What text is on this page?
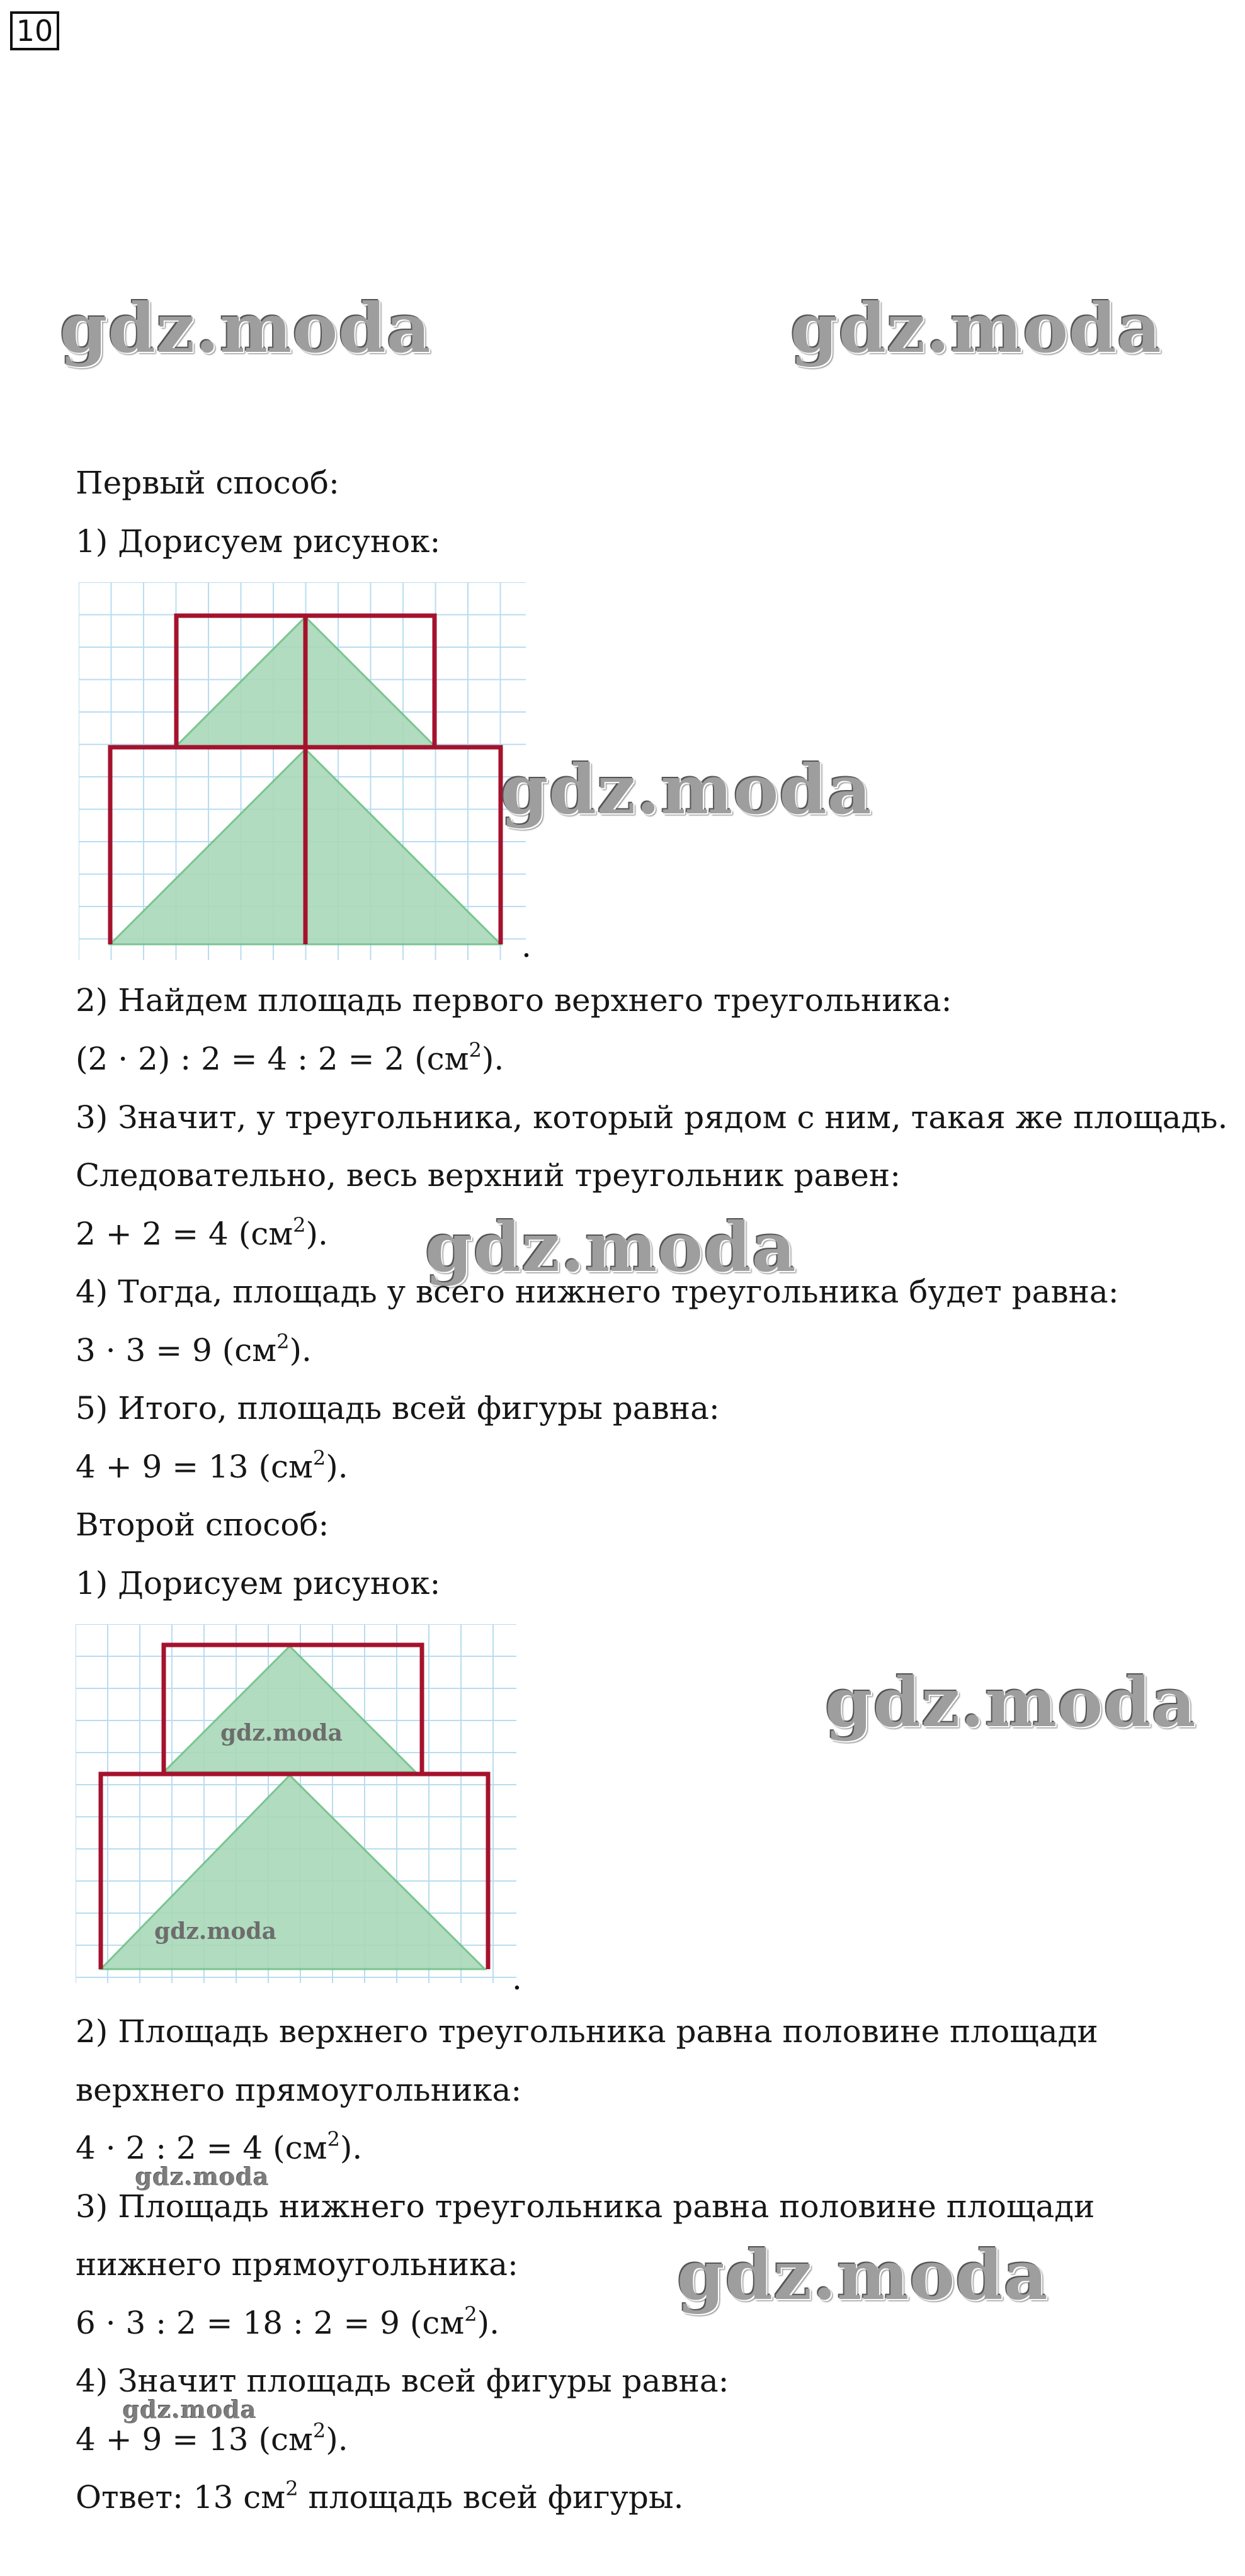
10
gdz.moda	gdz.moda

Первый способ:

1) Дорисуем рисунок:

.
gdz.moda

2) Найдем площадь первого верхнего треугольника:

(2 · 2) : 2 = 4 : 2 = 2 $(см^2)$.

3) Значит, у треугольника, который рядом с ним, такая же площадь.

Следовательно, весь верхний треугольник равен:

2 + 2 = 4 $(см^2)$. gdz.moda

4) Тогда, площадь у всего нижнего треугольника будет равна:

3 · 3 = 9 $(см^2)$.

5) Итого, площадь всей фигуры равна:

4 + 9 = 13 $(см^2)$.

Второй способ:

1) Дорисуем рисунок:

gdz.moda
gdz.moda
.
gdz.moda

2) Площадь верхнего треугольника равна половине площади

верхнего прямоугольника:

4 · 2 : 2 = 4 $(см^2)$.

gdz.moda

3) Площадь нижнего треугольника равна половине площади

нижнего прямоугольника: gdz.moda

6 · 3 : 2 = 18 : 2 = 9 $(см^2)$.

4) Значит площадь всей фигуры равна:

gdz.moda

4 + 9 = 13 $(см^2)$.

Ответ: 13 $см^2$ площадь всей фигуры.
